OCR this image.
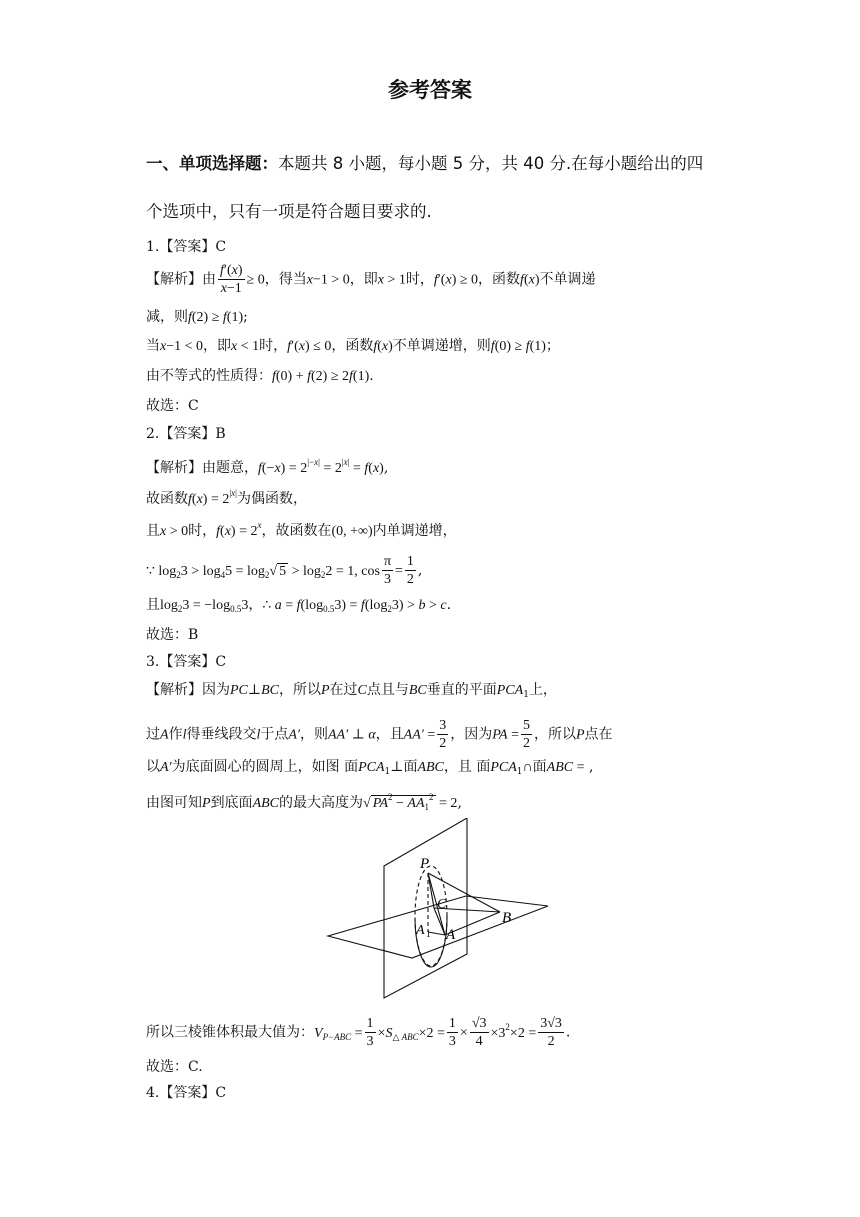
参考答案
一、单项选择题：本题共 8 小题，每小题 5 分，共 40 分.在每小题给出的四
个选项中，只有一项是符合题目要求的.
1.【答案】C
【解析】由 $\frac{f'(x)}{x-1} \ge 0$，得当x−1 > 0，即x > 1时，f′(x) ≥ 0，函数f(x)不单调递
减，则f(2) ≥ f(1);
当x−1 < 0，即x < 1时，f′(x) ≤ 0，函数f(x)不单调递增，则f(0) ≥ f(1)；
由不等式的性质得：f(0) + f(2) ≥ 2f(1).
故选：C
2.【答案】B
【解析】由题意，$f(-x) = 2^{|-x|} = 2^{|x|} = f(x)$,
故函数$f(x) = 2^{|x|}$为偶函数，
且x > 0时，$f(x) = 2^x$，故函数在(0, +∞)内单调递增，
∵ $\log_23 > \log_45 = \log_2√$ $5 > \log_22 = 1$, $\cos \frac{\pi}{3} = \frac{1}{2}$ ,
且$\log_23 = -\log_{0.5}3$，∴ $a = f(\log_{0.5}3) = f(\log_23) > b > c$.
故选：B
3.【答案】C
【解析】因为PC⊥BC，所以P在过C点且与BC垂直的平面$PCA_1$上，
过A作l得垂线段交l于点A′，则AA′ ⊥ α，且$AA' = \frac{3}{2}$ ，因为PA = $\frac{5}{2}$ ，所以P点在
以A′为底面圆心的圆周上，如图 面$PCA_1\perp$面ABC，且 面$PCA_1\cap$面ABC = ,
由图可知P到底面ABC的最大高度为√ $PA^2 - AA_1^2 = 2$,
P
C
B
A 1 A
所以三棱锥体积最大值为：$V_{P-ABC} = \frac{1}{3} \times S_{\triangle ABC}\times 2 = \frac{1}{3} \times \frac{√3}{4} \times 3^2\times 2 = \frac{3√3}{2}$ .
故选：C.
4.【答案】C
